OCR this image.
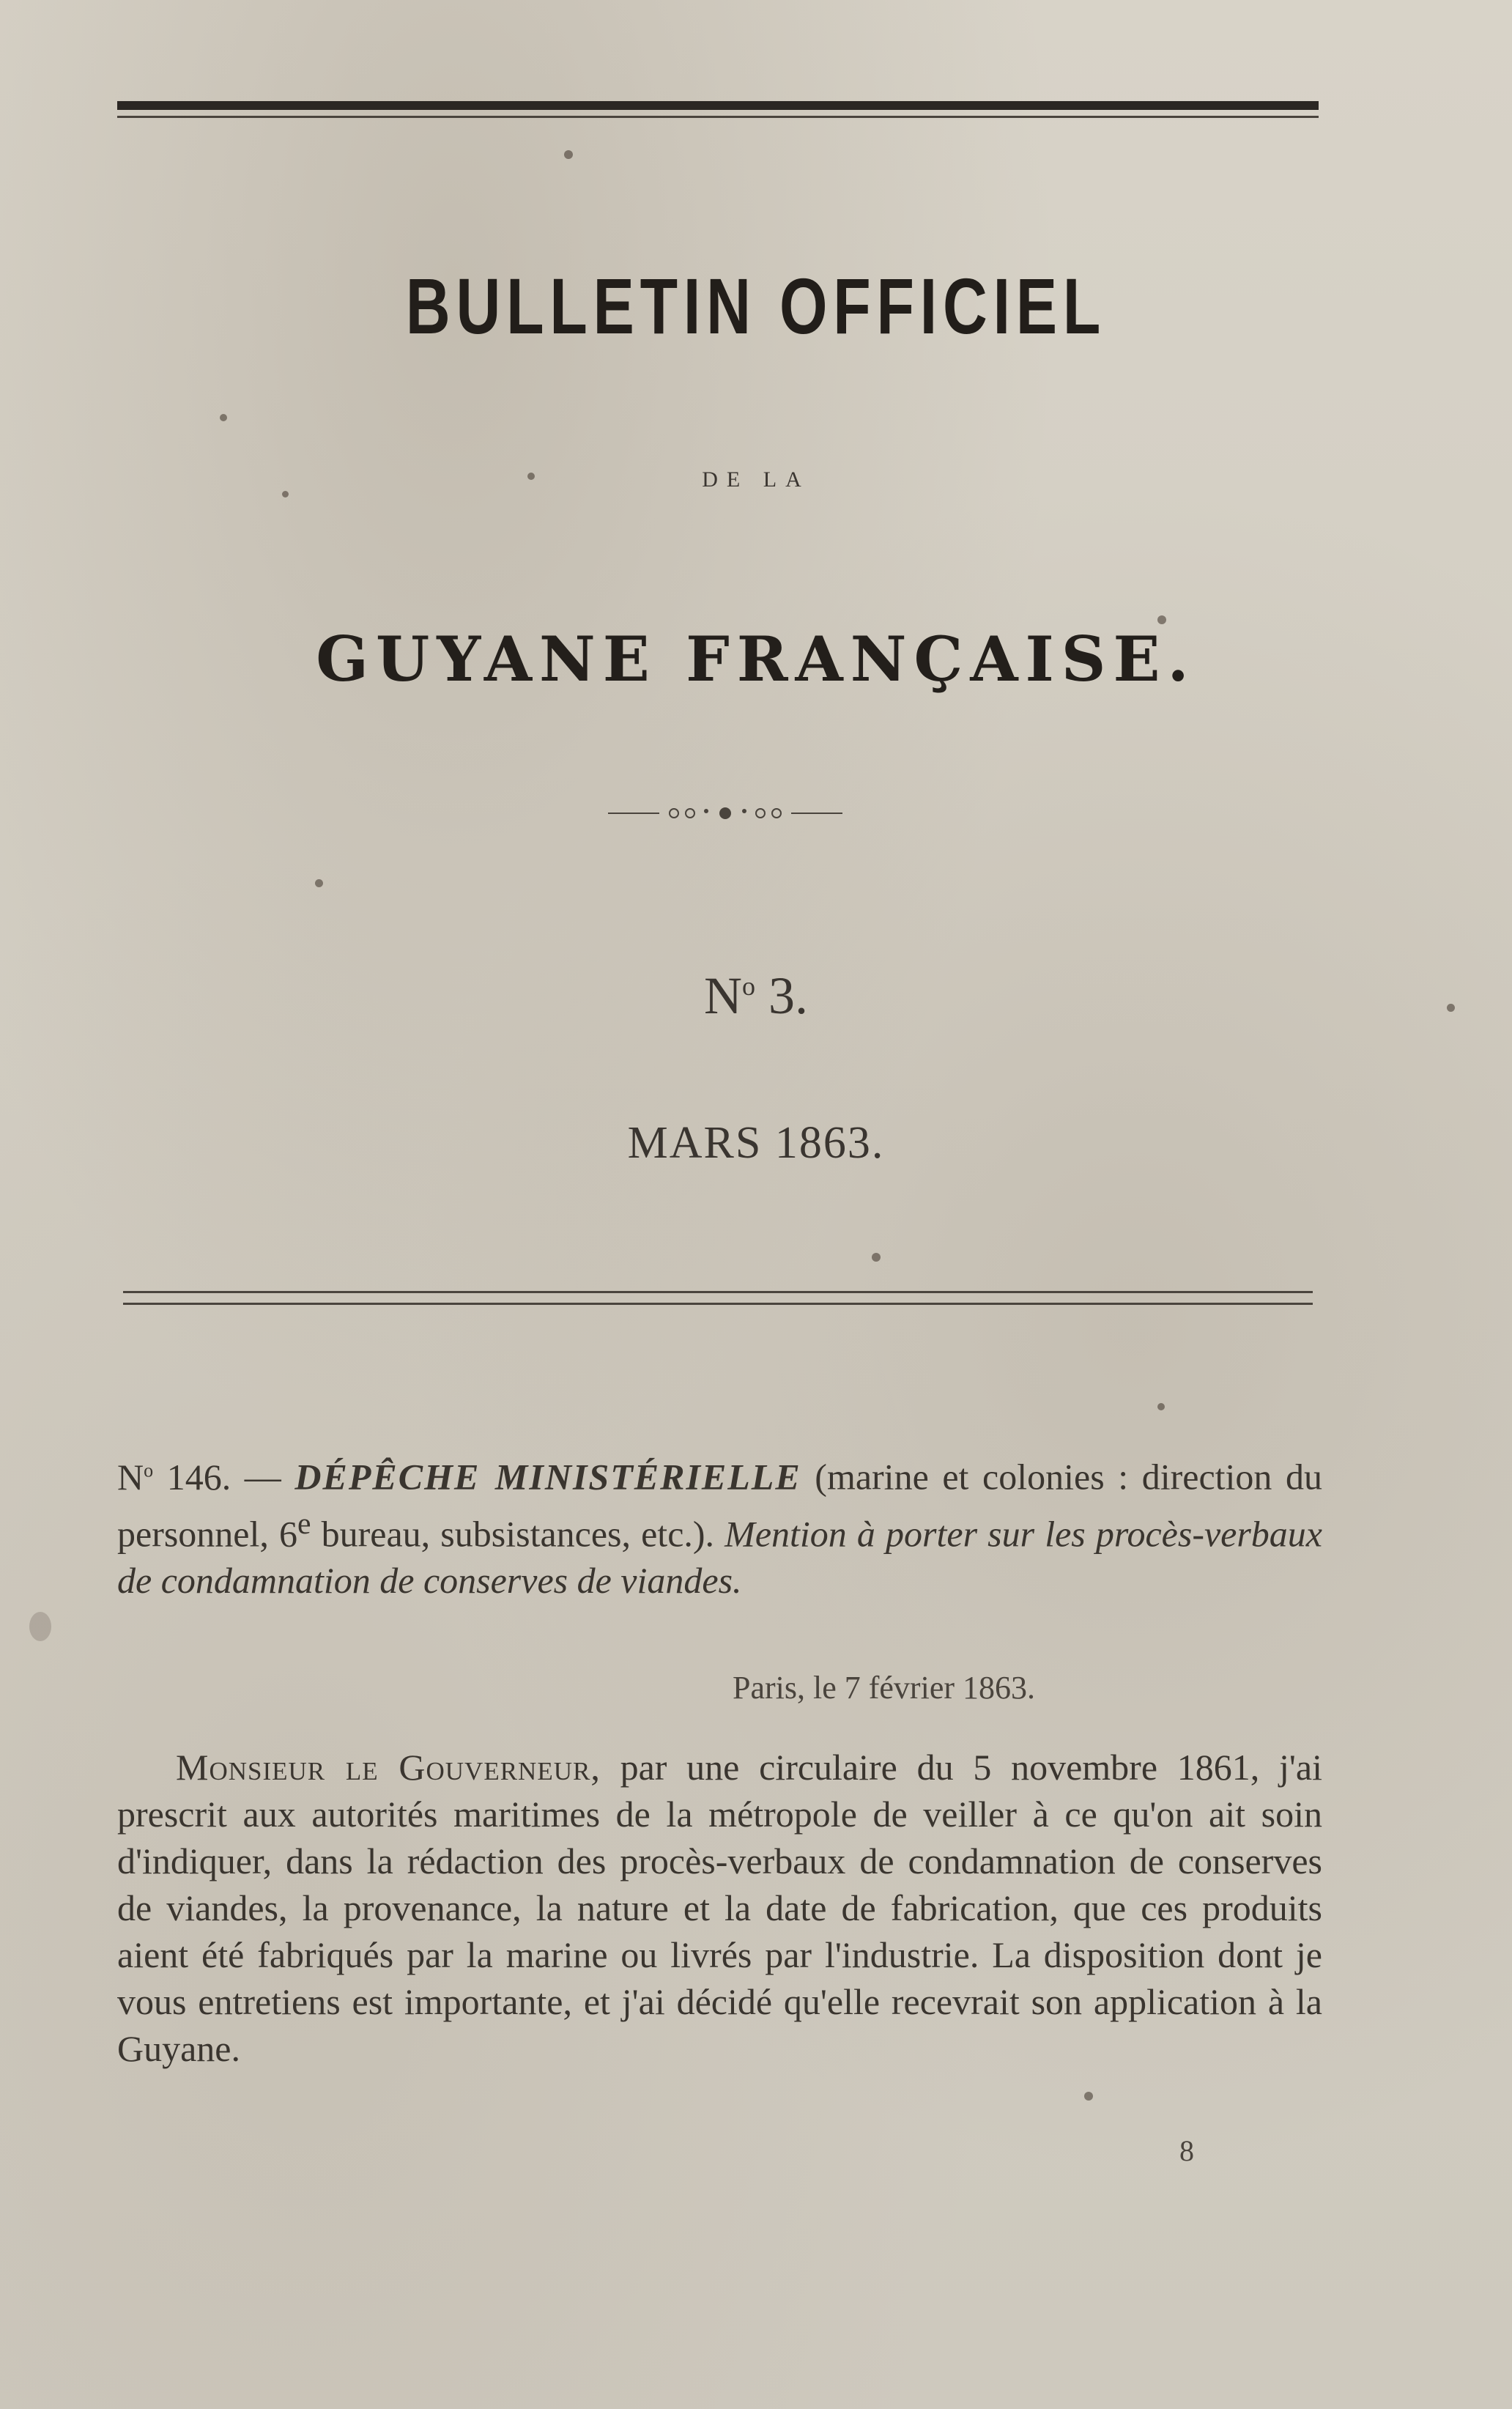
BULLETIN OFFICIEL
DE LA
GUYANE FRANÇAISE.
$N^o$ 3.
MARS 1863.
$N^o$ 146. — DÉPÊCHE MINISTÉRIELLE (marine et colonies : direction du personnel, 6e bureau, subsistances, etc.). Mention à porter sur les procès-verbaux de condamnation de conserves de viandes.
Paris, le 7 février 1863.
Monsieur le Gouverneur, par une circulaire du 5 novembre 1861, j'ai prescrit aux autorités maritimes de la métropole de veiller à ce qu'on ait soin d'indiquer, dans la rédaction des procès-verbaux de condamnation de conserves de viandes, la provenance, la nature et la date de fabrication, que ces produits aient été fabriqués par la marine ou livrés par l'industrie. La disposition dont je vous entretiens est importante, et j'ai décidé qu'elle recevrait son application à la Guyane.
8
